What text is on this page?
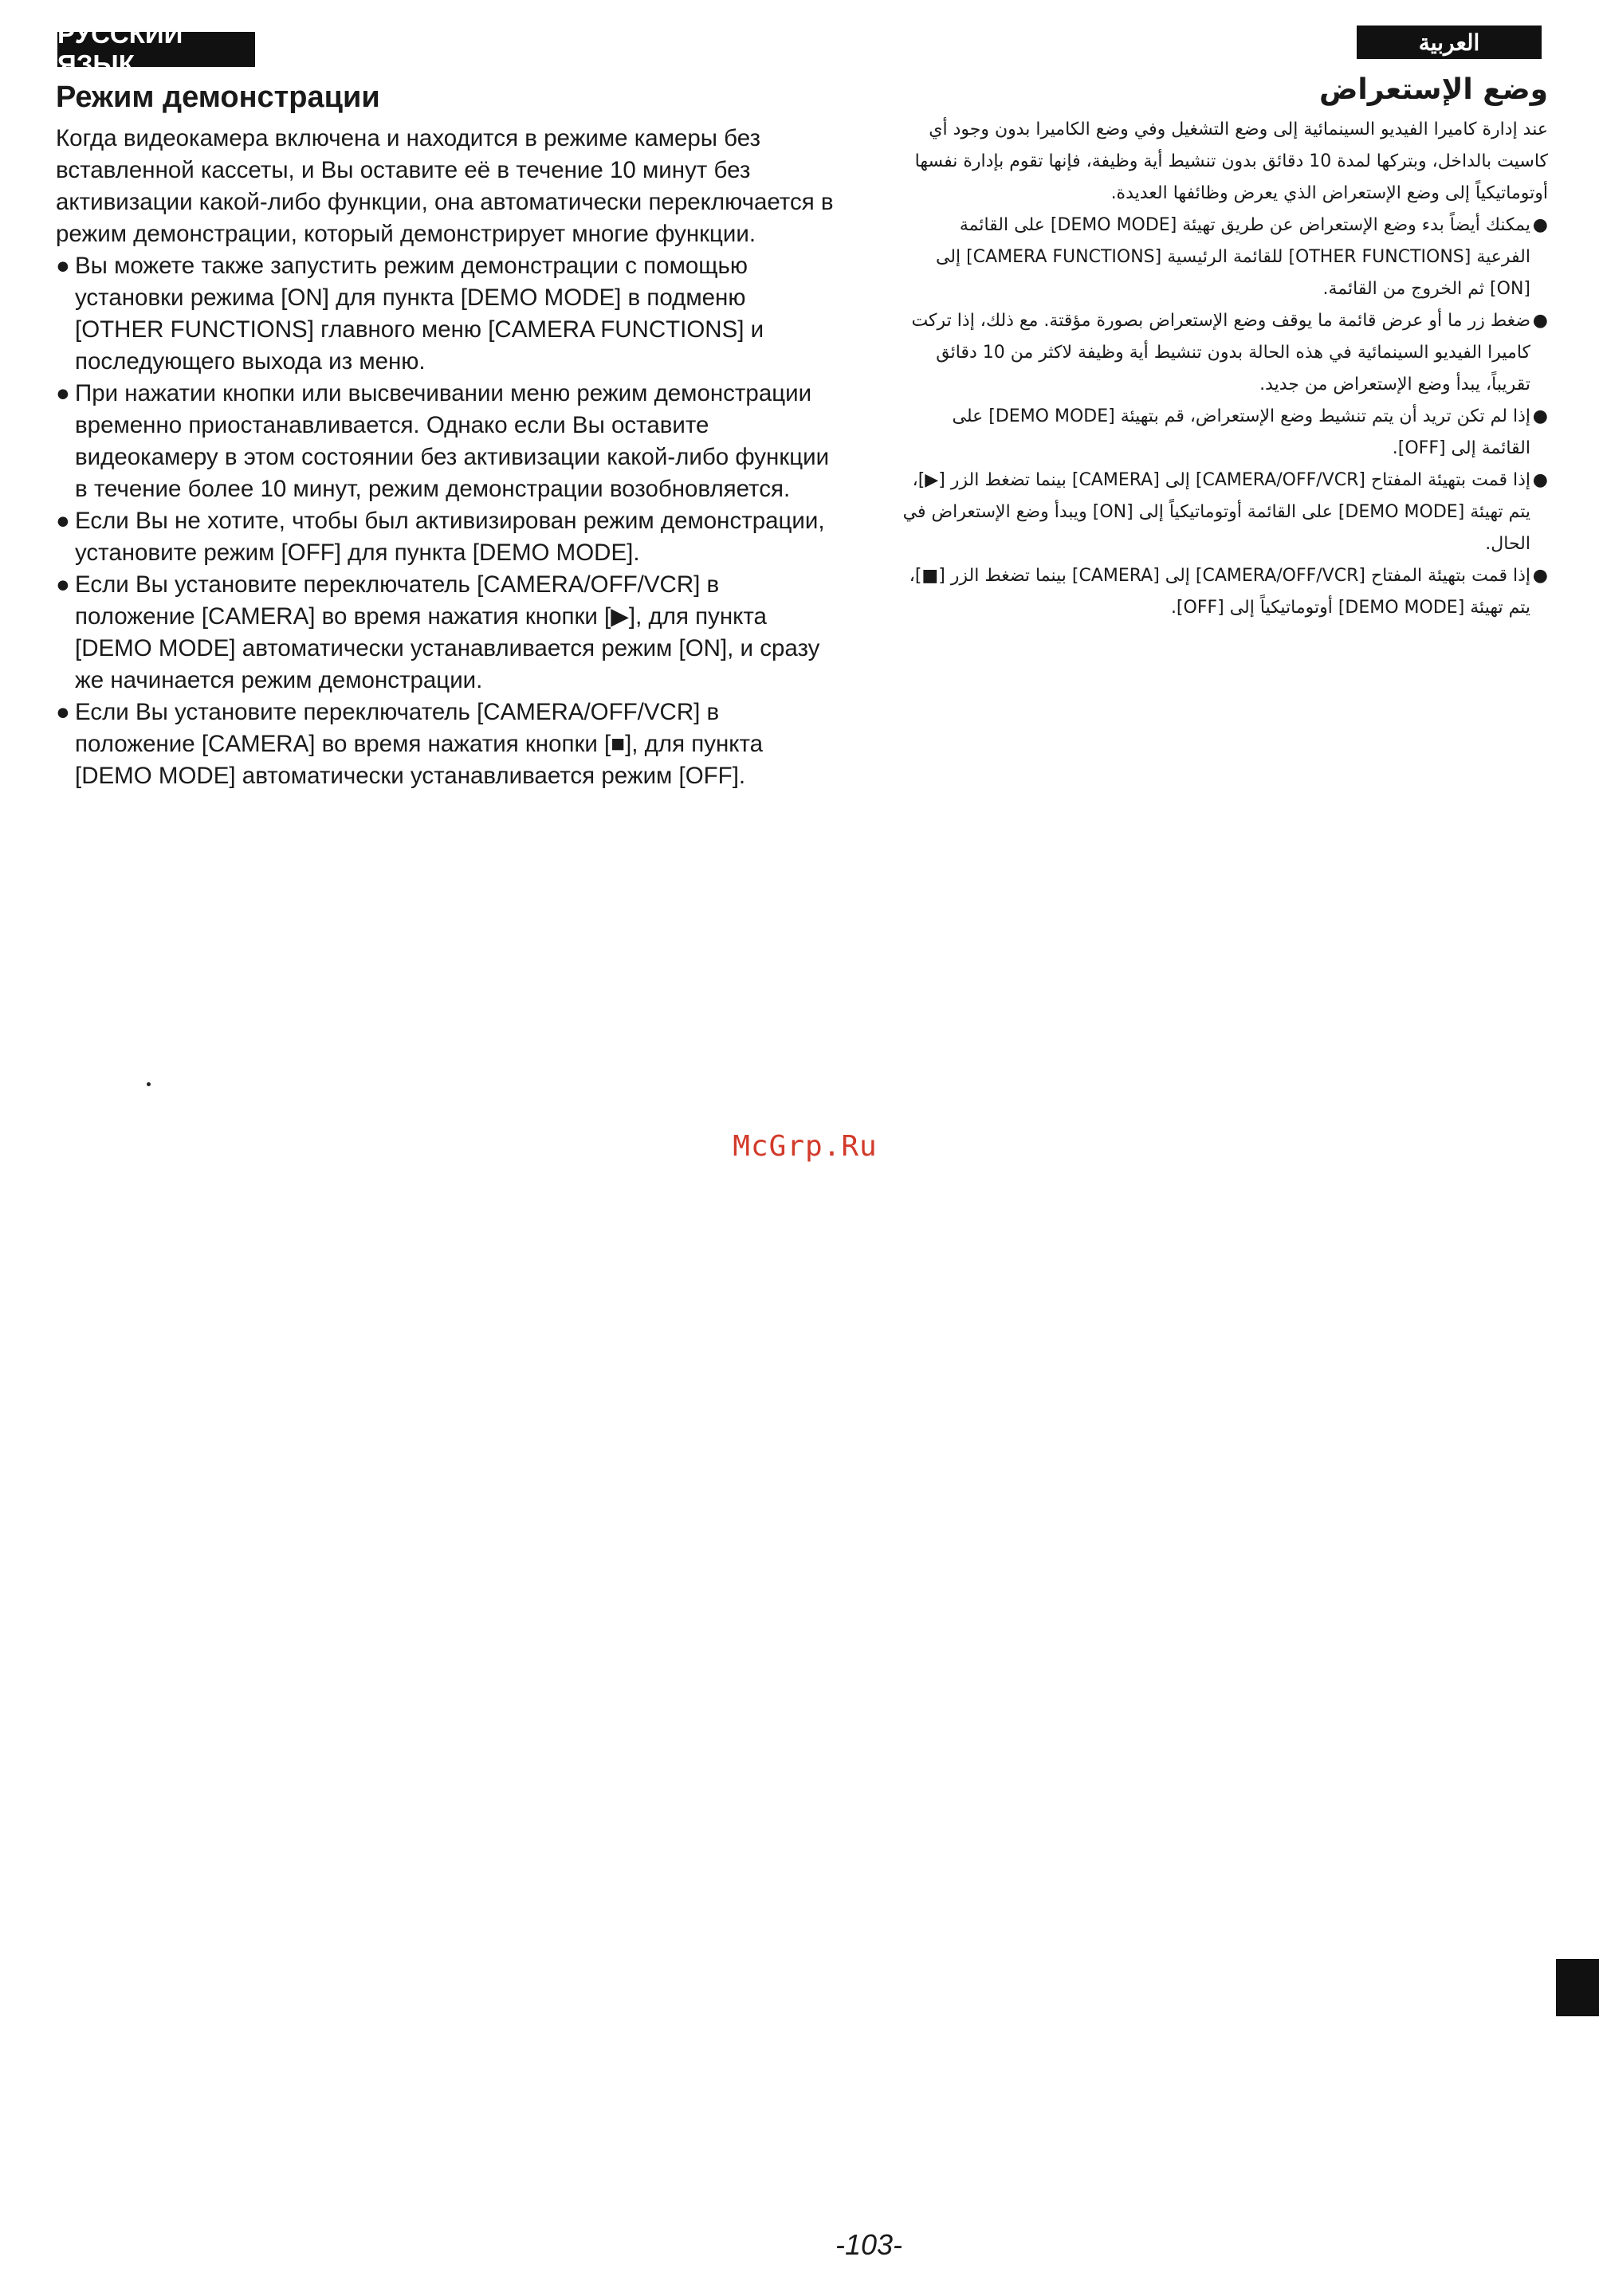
РУССКИЙ ЯЗЫК
العربية
Режим демонстрации

Когда видеокамера включена и находится в режиме камеры без вставленной кассеты, и Вы оставите её в течение 10 минут без активизации какой-либо функции, она автоматически переключается в режим демонстрации, который демонстрирует многие функции.

● Вы можете также запустить режим демонстрации с помощью установки режима [ON] для пункта [DEMO MODE] в подменю [OTHER FUNCTIONS] главного меню [CAMERA FUNCTIONS] и последующего выхода из меню.
● При нажатии кнопки или высвечивании меню режим демонстрации временно приостанавливается. Однако если Вы оставите видеокамеру в этом состоянии без активизации какой-либо функции в течение более 10 минут, режим демонстрации возобновляется.
● Если Вы не хотите, чтобы был активизирован режим демонстрации, установите режим [OFF] для пункта [DEMO MODE].
● Если Вы установите переключатель [CAMERA/OFF/VCR] в положение [CAMERA] во время нажатия кнопки [▶], для пункта [DEMO MODE] автоматически устанавливается режим [ON], и сразу же начинается режим демонстрации.
● Если Вы установите переключатель [CAMERA/OFF/VCR] в положение [CAMERA] во время нажатия кнопки [■], для пункта [DEMO MODE] автоматически устанавливается режим [OFF].
وضع الإستعراض

عند إدارة كاميرا الفيديو السينمائية إلى وضع التشغيل وفي وضع الكاميرا بدون وجود أي كاسيت بالداخل، وبتركها لمدة 10 دقائق بدون تنشيط أية وظيفة، فإنها تقوم بإدارة نفسها أوتوماتيكياً إلى وضع الإستعراض الذي يعرض وظائفها العديدة.

●
يمكنك أيضاً بدء وضع الإستعراض عن طريق تهيئة [DEMO MODE] على القائمة الفرعية [OTHER FUNCTIONS] للقائمة الرئيسية [CAMERA FUNCTIONS] إلى [ON] ثم الخروج من القائمة.
●
ضغط زر ما أو عرض قائمة ما يوقف وضع الإستعراض بصورة مؤقتة. مع ذلك، إذا تركت كاميرا الفيديو السينمائية في هذه الحالة بدون تنشيط أية وظيفة لاكثر من 10 دقائق تقريباً، يبدأ وضع الإستعراض من جديد.
●
إذا لم تكن تريد أن يتم تنشيط وضع الإستعراض، قم بتهيئة [DEMO MODE] على القائمة إلى [OFF].
●
إذا قمت بتهيئة المفتاح [CAMERA/OFF/VCR] إلى [CAMERA] بينما تضغط الزر [▶]، يتم تهيئة [DEMO MODE] على القائمة أوتوماتيكياً إلى [ON] ويبدأ وضع الإستعراض في الحال.
●
إذا قمت بتهيئة المفتاح [CAMERA/OFF/VCR] إلى [CAMERA] بينما تضغط الزر [■]، يتم تهيئة [DEMO MODE] أوتوماتيكياً إلى [OFF].
McGrp.Ru
-103-
